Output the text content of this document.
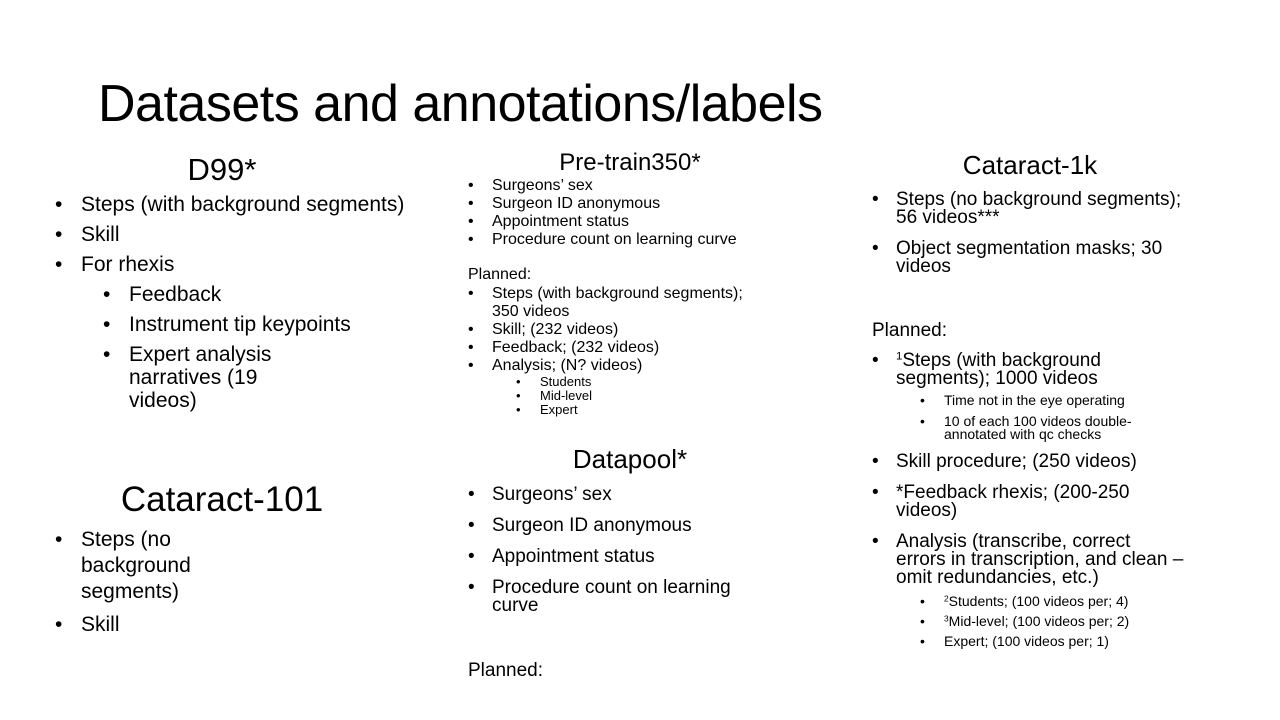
Datasets and annotations/labels
D99*
• Steps (with background segments)
• Skill
• For rhexis
• Feedback
• Instrument tip keypoints
• Expert analysis narratives (19 videos)
Cataract-101
• Steps (no background segments)
• Skill
Pre-train350*
• Surgeons’ sex
• Surgeon ID anonymous
• Appointment status
• Procedure count on learning curve
Planned:
• Steps (with background segments);
350 videos
• Skill; (232 videos)
• Feedback; (232 videos)
• Analysis; (N? videos)
• Students
• Mid-level
• Expert
Datapool*
• Surgeons’ sex
• Surgeon ID anonymous
• Appointment status
• Procedure count on learning
curve
Planned:
Cataract-1k
• Steps (no background segments);
56 videos***
• Object segmentation masks; 30
videos
Planned:
• $^1$Steps (with background
segments); 1000 videos
• Time not in the eye operating
• 10 of each 100 videos double-
annotated with qc checks
• Skill procedure; (250 videos)
• *Feedback rhexis; (200-250
videos)
• Analysis (transcribe, correct
errors in transcription, and clean –
omit redundancies, etc.)
• $^2$Students; (100 videos per; 4)
• $^3$Mid-level; (100 videos per; 2)
• Expert; (100 videos per; 1)
